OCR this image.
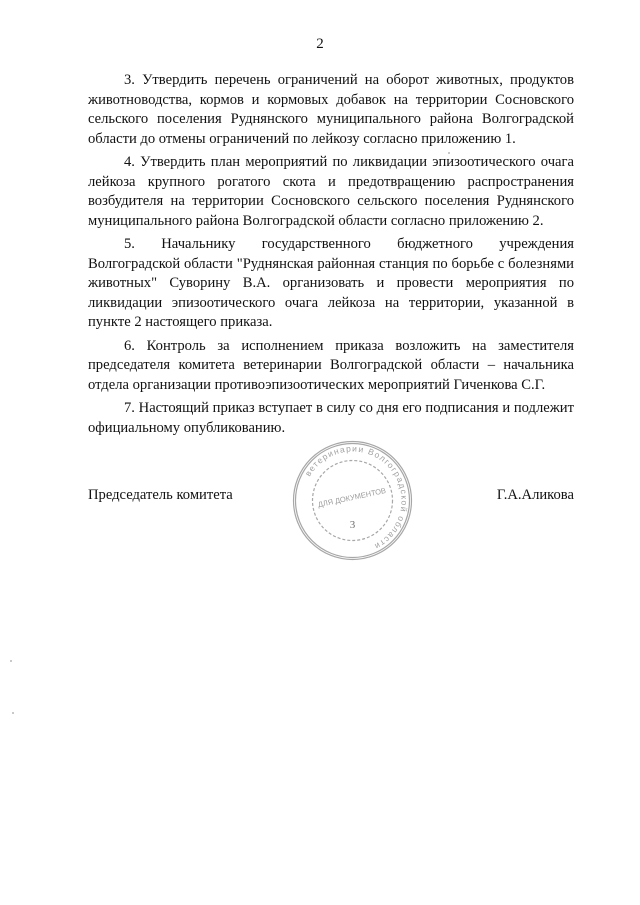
2

3. Утвердить перечень ограничений на оборот животных, продуктов животноводства, кормов и кормовых добавок на территории Сосновского сельского поселения Руднянского муниципального района Волгоградской области до отмены ограничений по лейкозу согласно приложению 1.

4. Утвердить план мероприятий по ликвидации эпизоотического очага лейкоза крупного рогатого скота и предотвращению распространения возбудителя на территории Сосновского сельского поселения Руднянского муниципального района Волгоградской области согласно приложению 2.

5. Начальнику государственного бюджетного учреждения Волгоградской области "Руднянская районная станция по борьбе с болезнями животных" Суворину В.А. организовать и провести мероприятия по ликвидации эпизоотического очага лейкоза на территории, указанной в пункте 2 настоящего приказа.

6. Контроль за исполнением приказа возложить на заместителя председателя комитета ветеринарии Волгоградской области – начальника отдела организации противоэпизоотических мероприятий Гиченкова С.Г.

7. Настоящий приказ вступает в силу со дня его подписания и подлежит официальному опубликованию.

Председатель комитета	Г.А.Аликова
ветеринарии Волгоградской области
ДЛЯ ДОКУМЕНТОВ
3
